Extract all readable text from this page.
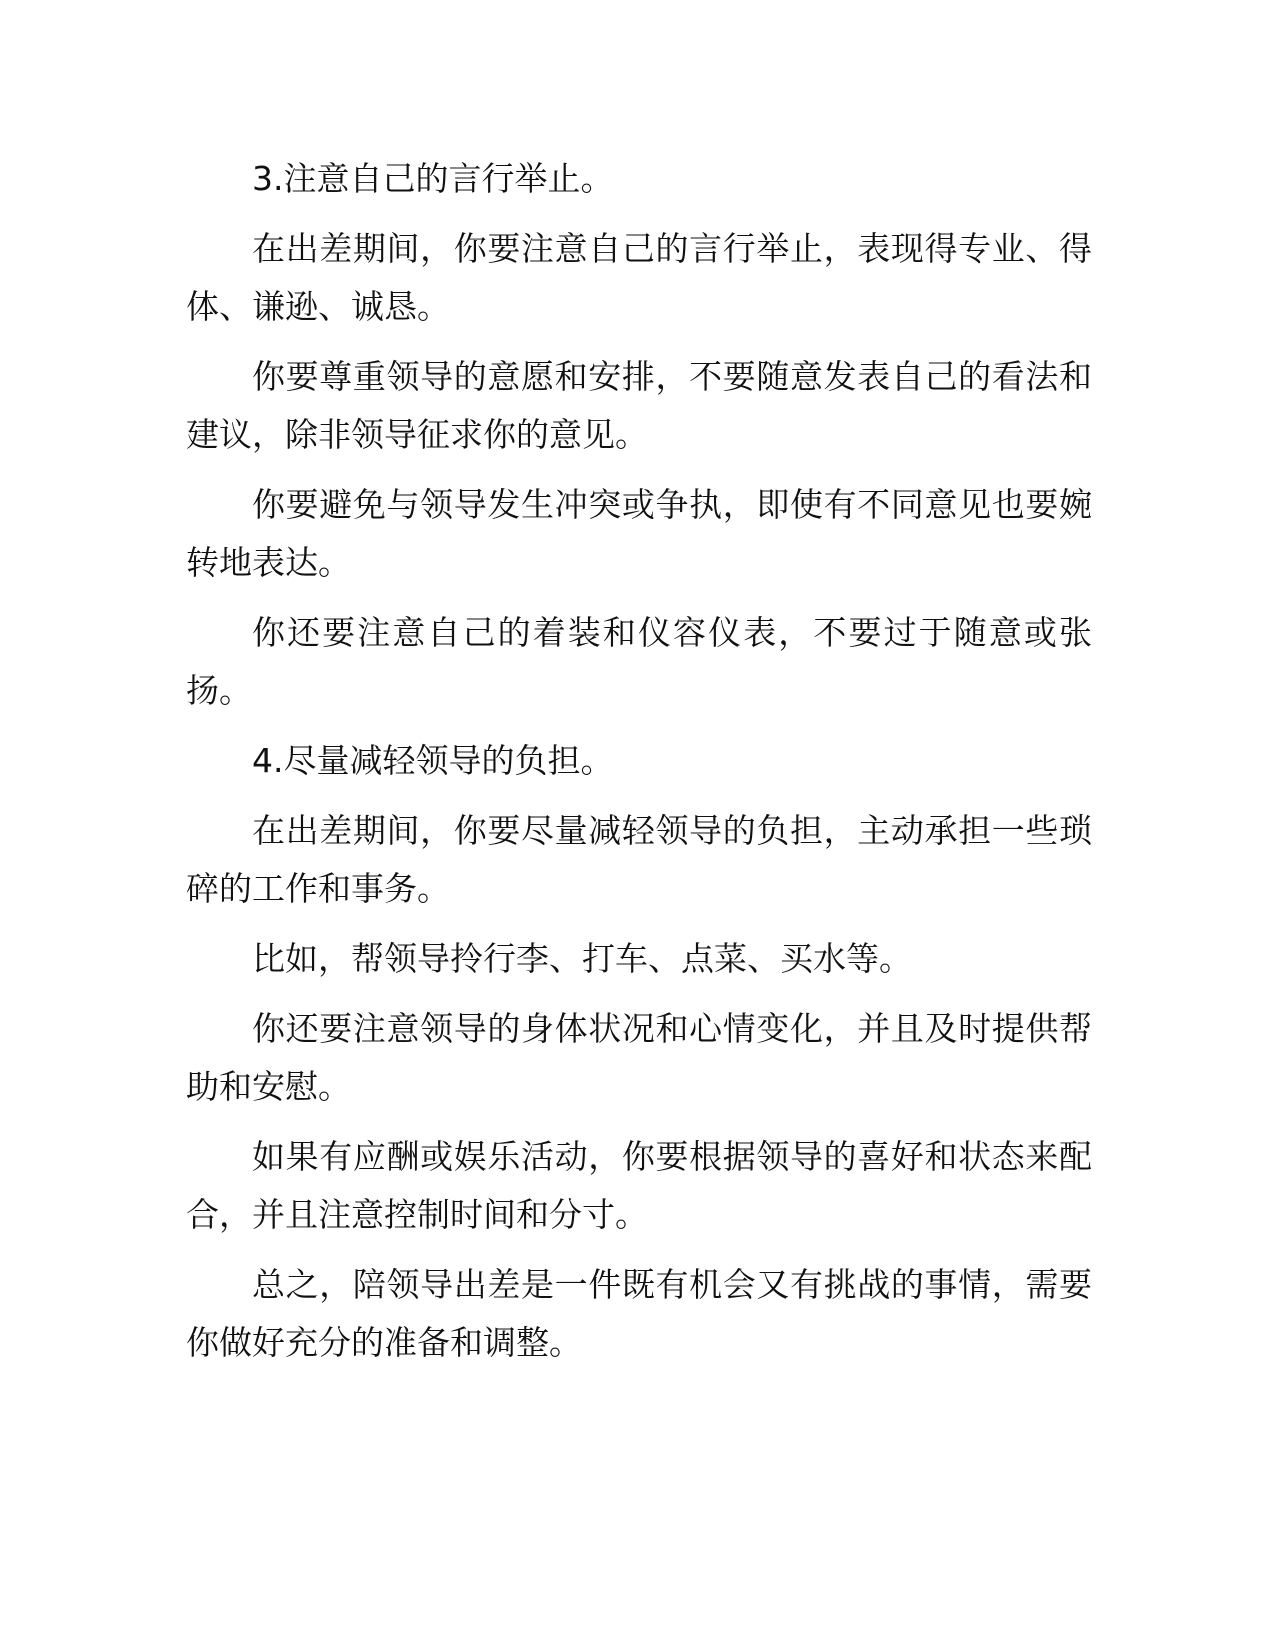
3.注意自己的言行举止。

在出差期间，你要注意自己的言行举止，表现得专业、得体、谦逊、诚恳。

你要尊重领导的意愿和安排，不要随意发表自己的看法和建议，除非领导征求你的意见。

你要避免与领导发生冲突或争执，即使有不同意见也要婉转地表达。

你还要注意自己的着装和仪容仪表，不要过于随意或张扬。

4.尽量减轻领导的负担。

在出差期间，你要尽量减轻领导的负担，主动承担一些琐碎的工作和事务。

比如，帮领导拎行李、打车、点菜、买水等。

你还要注意领导的身体状况和心情变化，并且及时提供帮助和安慰。

如果有应酬或娱乐活动，你要根据领导的喜好和状态来配合，并且注意控制时间和分寸。

总之，陪领导出差是一件既有机会又有挑战的事情，需要你做好充分的准备和调整。
